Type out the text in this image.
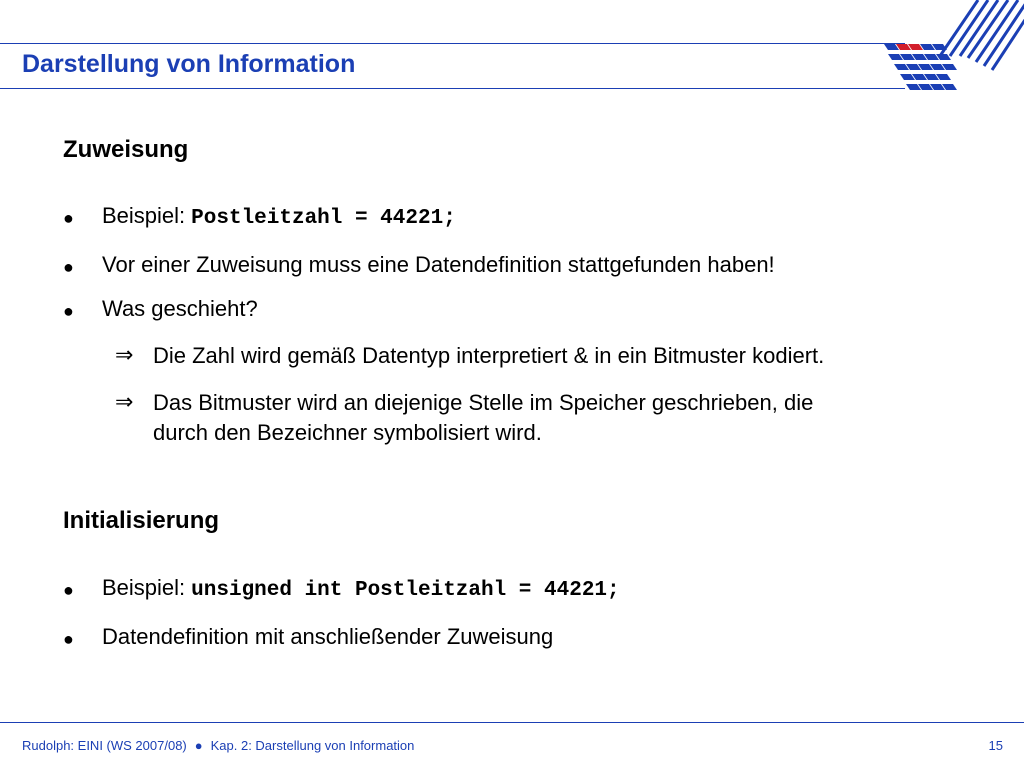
Darstellung von Information
Zuweisung
● Beispiel: Postleitzahl = 44221;
● Vor einer Zuweisung muss eine Datendefinition stattgefunden haben!
● Was geschieht?
⇒ Die Zahl wird gemäß Datentyp interpretiert & in ein Bitmuster kodiert.
⇒ Das Bitmuster wird an diejenige Stelle im Speicher geschrieben, die
durch den Bezeichner symbolisiert wird.
Initialisierung
● Beispiel: unsigned int Postleitzahl = 44221;
● Datendefinition mit anschließender Zuweisung
Rudolph: EINI (WS 2007/08) ● Kap. 2: Darstellung von Information	15
